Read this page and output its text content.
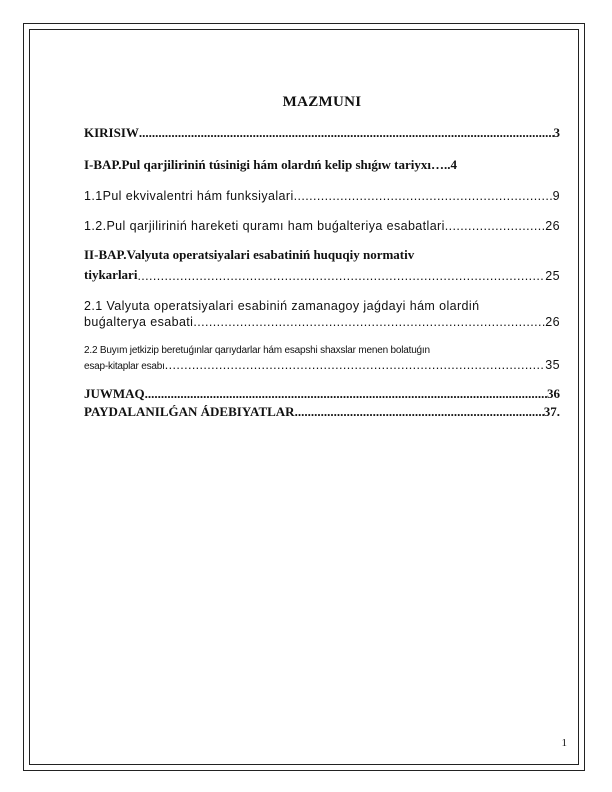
MAZMUNI
KIRISIW .....	3
I-BAP.Pul qarjiliriniń túsinigi hám olardıń kelip shıǵıw tariyxı… ..4
1.1Pul ekvivalentri hám funksiyalari .....	9
1.2.Pul qarjiliriniń hareketi quramı ham buǵalteriya esabatlari .....	26
II-BAP.Valyuta operatsiyalari esabatiniń huquqiy normativ
tiykarlari .....	25
2.1 Valyuta operatsiyalari esabiniń zamanagoy jaǵdayi hám olardiń
buǵalterya esabati .....	26
2.2 Buyım jetkizip beretuǵınlar qarıydarlar hám esapshi shaxslar menen bolatuǵın
esap-kitaplar esabı .....	35
JUWMAQ .....	36
PAYDALANILǴAN ÁDEBIYATLAR .....	37.
1
